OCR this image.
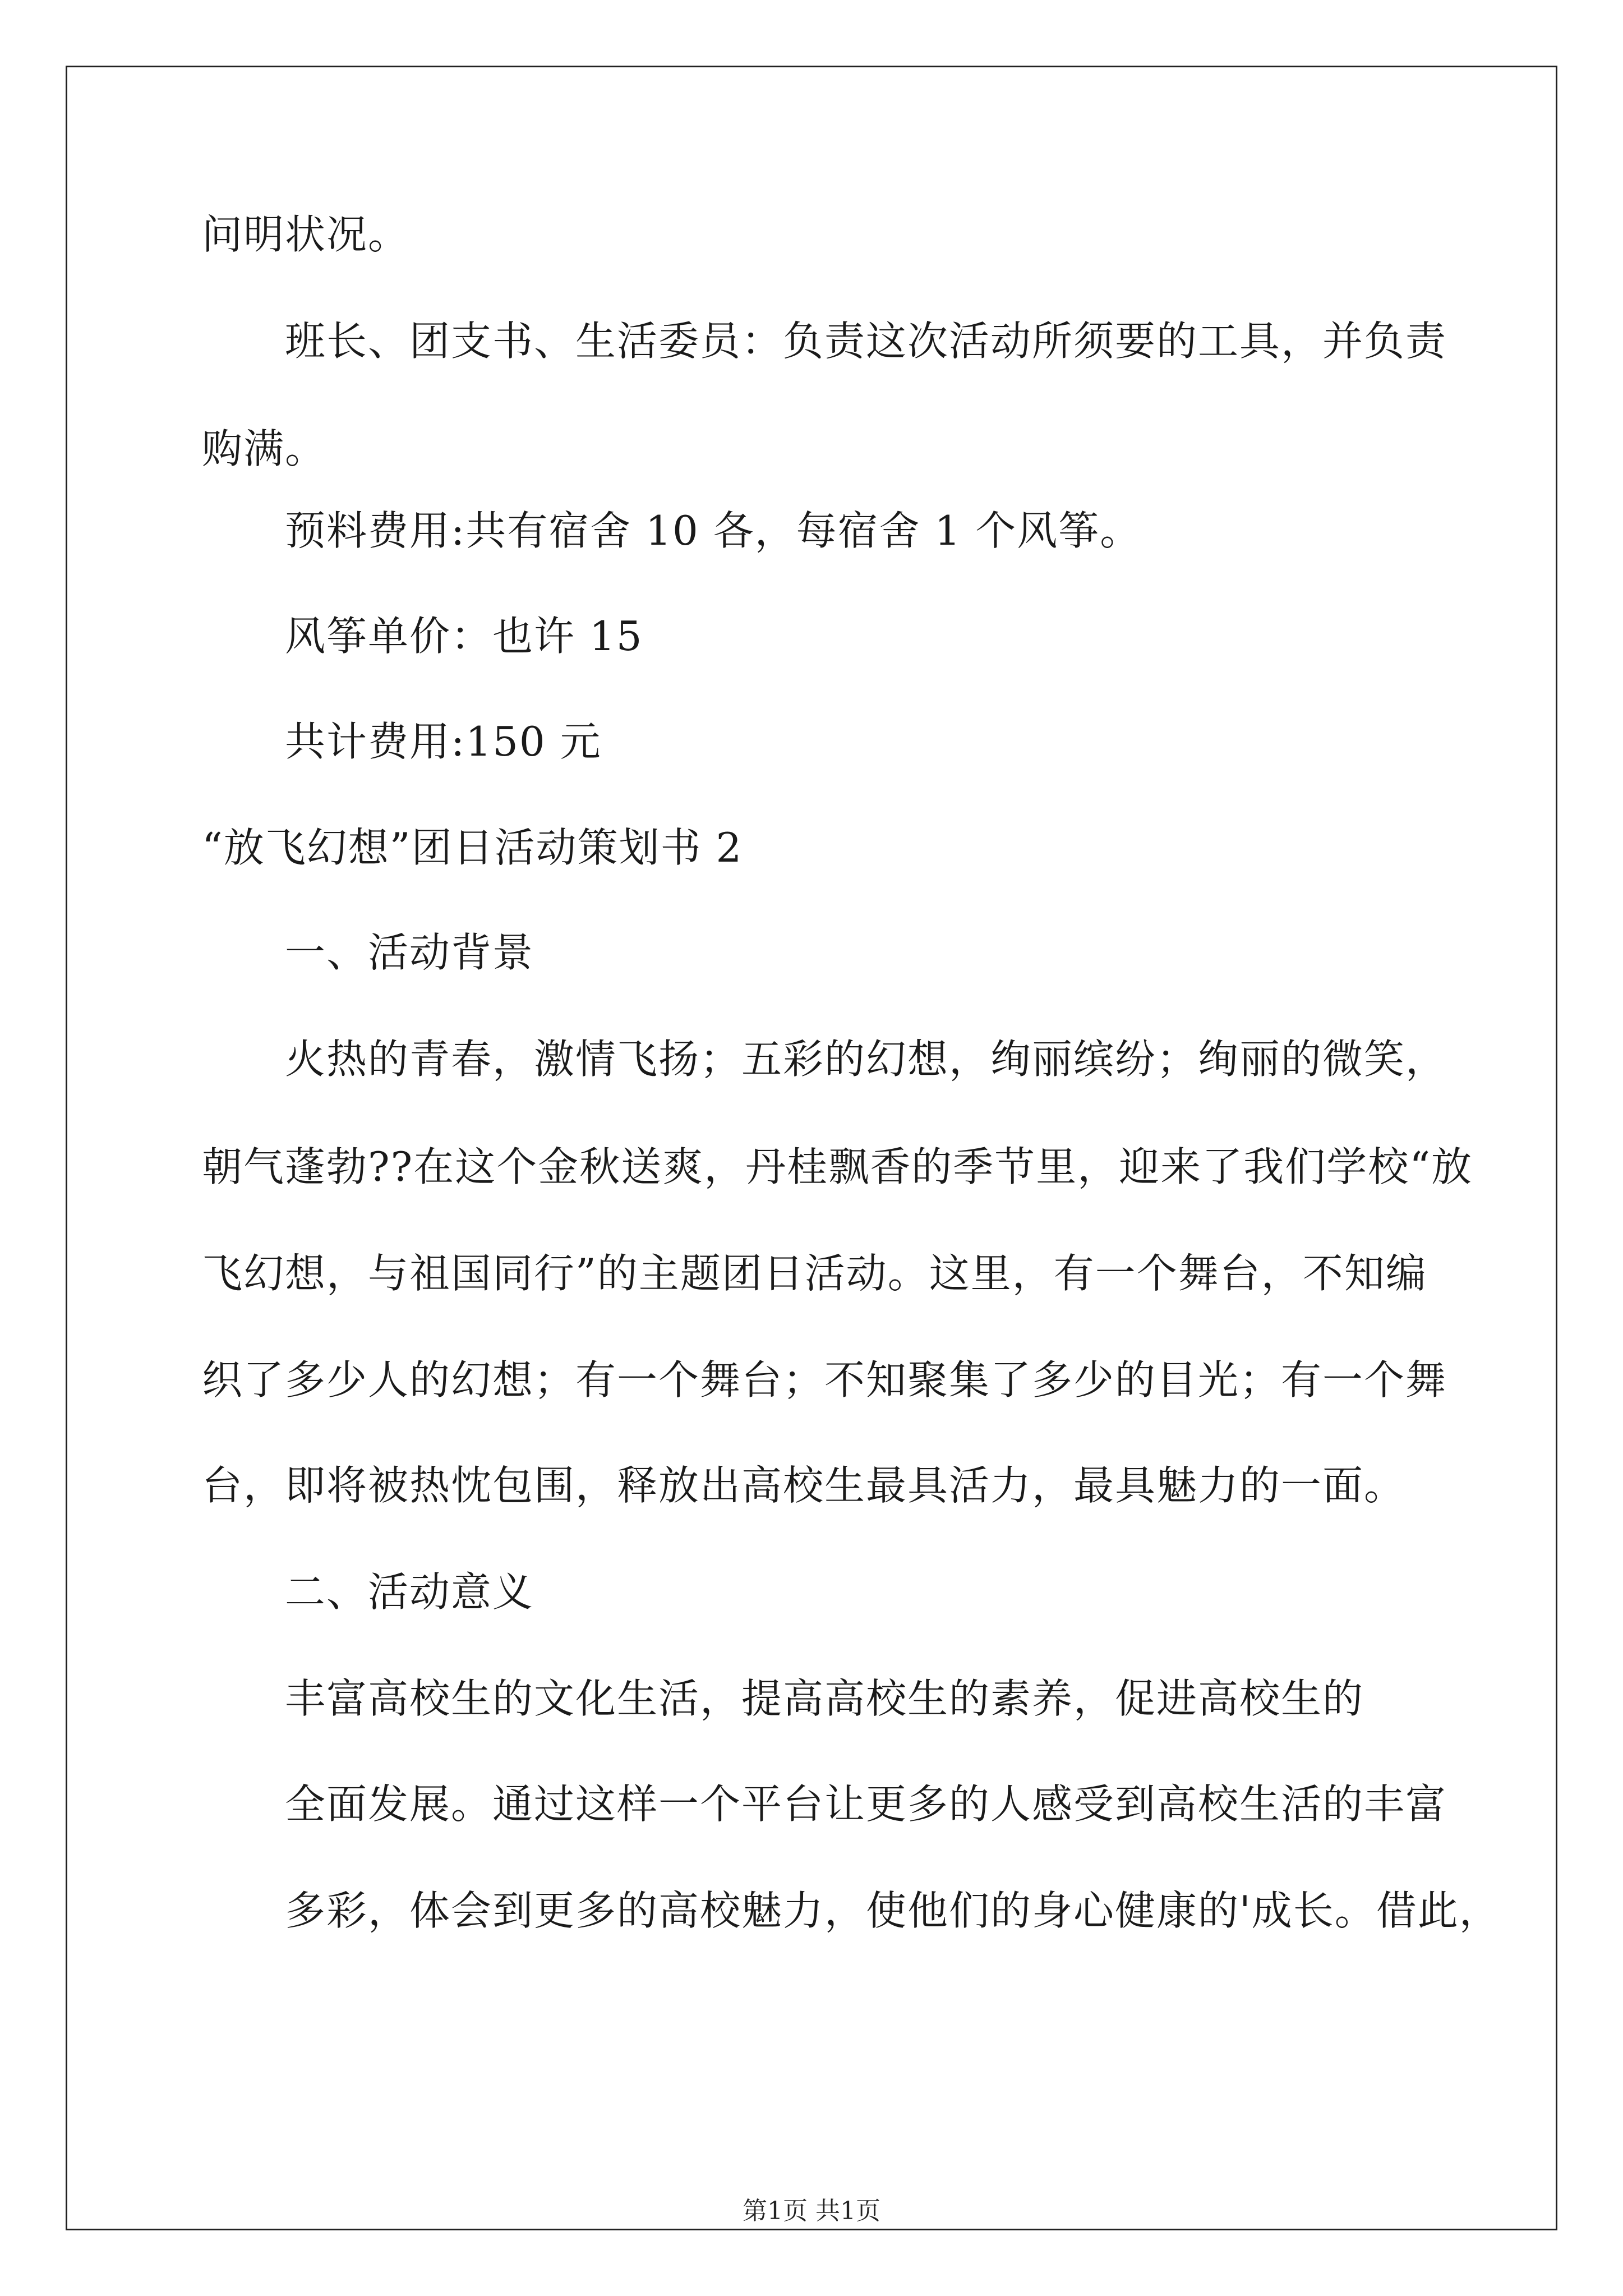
问明状况。
班长、团支书、生活委员：负责这次活动所须要的工具，并负责
购满。
预料费用:共有宿舍 10 各，每宿舍 1 个风筝。
风筝单价：也许 15
共计费用:150 元
“放飞幻想”团日活动策划书 2
一、活动背景
火热的青春，激情飞扬；五彩的幻想，绚丽缤纷；绚丽的微笑，
朝气蓬勃??在这个金秋送爽，丹桂飘香的季节里，迎来了我们学校“放
飞幻想，与祖国同行”的主题团日活动。这里，有一个舞台，不知编
织了多少人的幻想；有一个舞台；不知聚集了多少的目光；有一个舞
台，即将被热忱包围，释放出高校生最具活力，最具魅力的一面。
二、活动意义
丰富高校生的文化生活，提高高校生的素养，促进高校生的
全面发展。通过这样一个平台让更多的人感受到高校生活的丰富
多彩，体会到更多的高校魅力，使他们的身心健康的'成长。借此，
第1页 共1页
